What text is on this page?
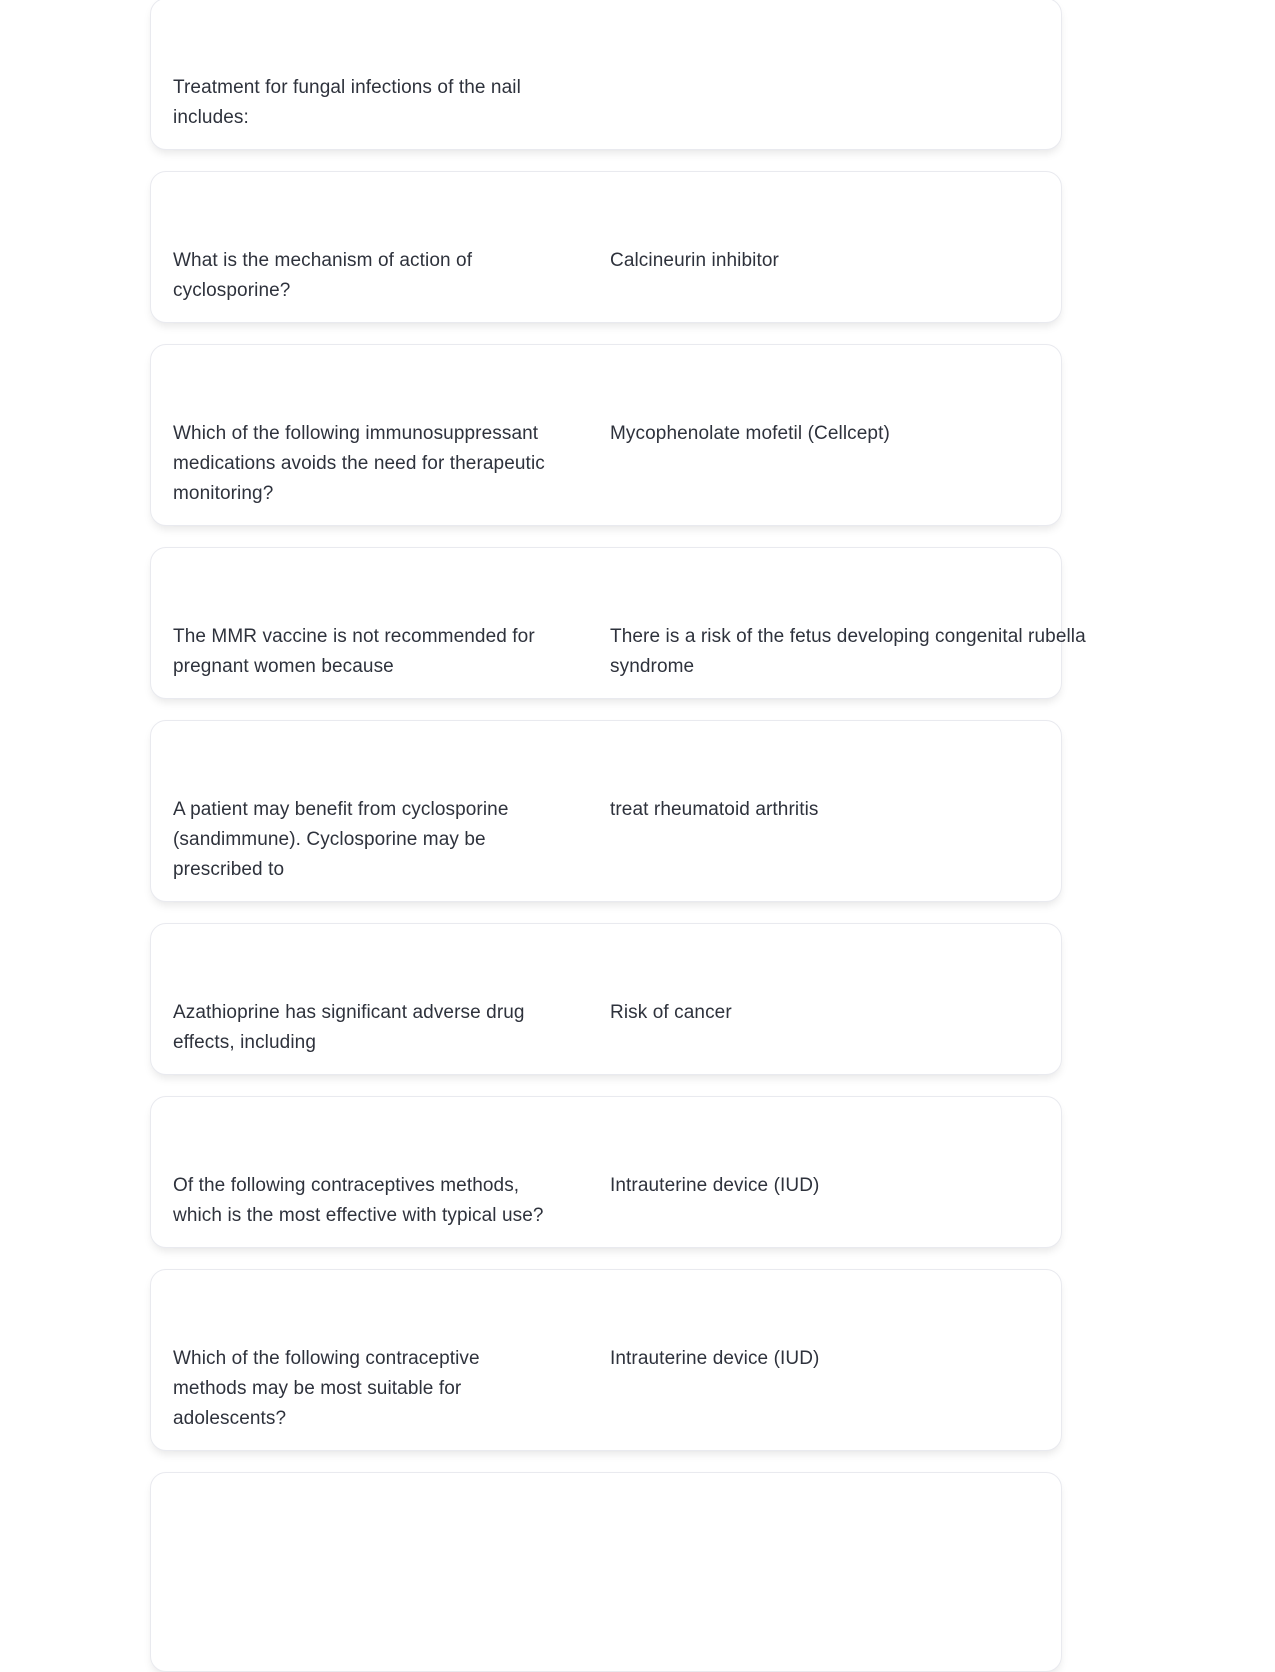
Treatment for fungal infections of the nail includes:
What is the mechanism of action of cyclosporine?
Calcineurin inhibitor
Which of the following immunosuppressant medications avoids the need for therapeutic monitoring?
Mycophenolate mofetil (Cellcept)
The MMR vaccine is not recommended for pregnant women because
There is a risk of the fetus developing congenital rubella syndrome
A patient may benefit from cyclosporine (sandimmune). Cyclosporine may be prescribed to
treat rheumatoid arthritis
Azathioprine has significant adverse drug effects, including
Risk of cancer
Of the following contraceptives methods, which is the most effective with typical use?
Intrauterine device (IUD)
Which of the following contraceptive methods may be most suitable for adolescents?
Intrauterine device (IUD)
